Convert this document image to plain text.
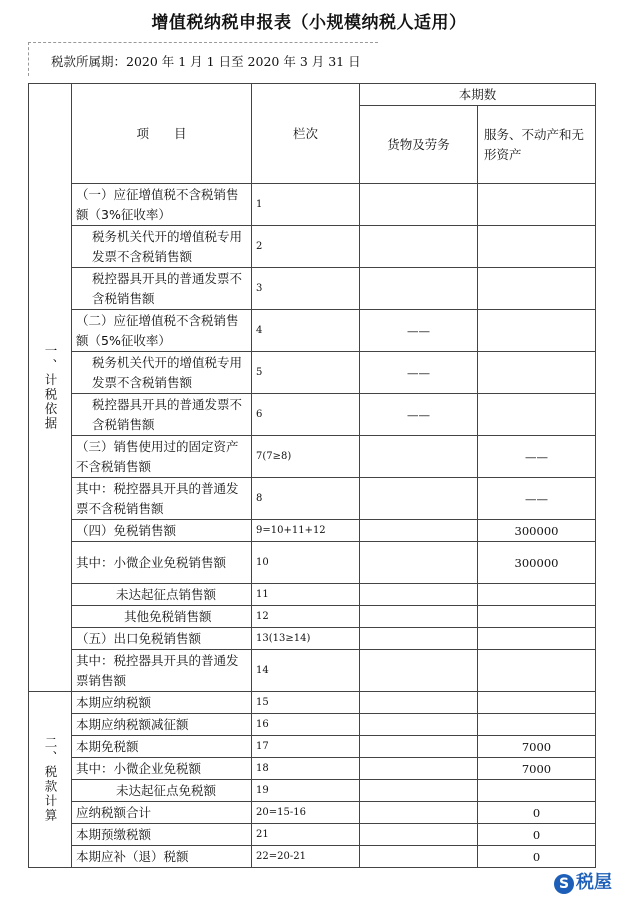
增值税纳税申报表（小规模纳税人适用）
税款所属期：2020 年 1 月 1 日至 2020 年 3 月 31 日
一、计税依据	项　　目	栏次	本期数	
			货物及劳务	服务、不动产和无形资产
	（一）应征增值税不含税销售额（3%征收率）	1		
	税务机关代开的增值税专用发票不含税销售额	2		
	税控器具开具的普通发票不含税销售额	3		
	（二）应征增值税不含税销售额（5%征收率）	4	——	
	税务机关代开的增值税专用发票不含税销售额	5	——	
	税控器具开具的普通发票不含税销售额	6	——	
	（三）销售使用过的固定资产不含税销售额	7(7≥8)		——
	其中：税控器具开具的普通发票不含税销售额	8		——
	（四）免税销售额	9=10+11+12		300000
	其中：小微企业免税销售额	10		300000
	未达起征点销售额	11		
	其他免税销售额	12		
	（五）出口免税销售额	13(13≥14)		
	其中：税控器具开具的普通发票销售额	14		

二、税款计算	本期应纳税额	15		
	本期应纳税额减征额	16		
	本期免税额	17		7000
	其中：小微企业免税额	18		7000
	未达起征点免税额	19		
	应纳税额合计	20=15-16		0
	本期预缴税额	21		0
	本期应补（退）税额	22=20-21		0
S 税屋
